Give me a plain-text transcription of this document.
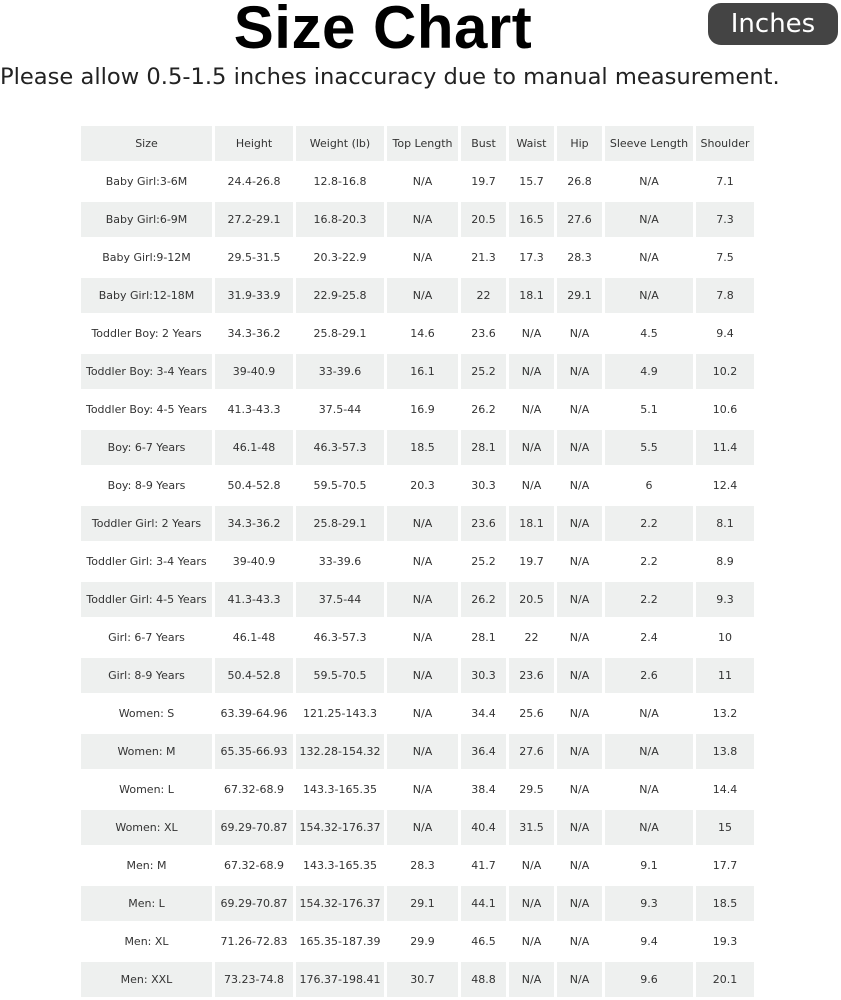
Size Chart	Inches
Please allow 0.5-1.5 inches inaccuracy due to manual measurement.
Size	Height	Weight (lb)	Top Length	Bust	Waist	Hip	Sleeve Length	Shoulder
Baby Girl:3-6M	24.4-26.8	12.8-16.8	N/A	19.7	15.7	26.8	N/A	7.1
Baby Girl:6-9M	27.2-29.1	16.8-20.3	N/A	20.5	16.5	27.6	N/A	7.3
Baby Girl:9-12M	29.5-31.5	20.3-22.9	N/A	21.3	17.3	28.3	N/A	7.5
Baby Girl:12-18M	31.9-33.9	22.9-25.8	N/A	22	18.1	29.1	N/A	7.8
Toddler Boy: 2 Years	34.3-36.2	25.8-29.1	14.6	23.6	N/A	N/A	4.5	9.4
Toddler Boy: 3-4 Years	39-40.9	33-39.6	16.1	25.2	N/A	N/A	4.9	10.2
Toddler Boy: 4-5 Years	41.3-43.3	37.5-44	16.9	26.2	N/A	N/A	5.1	10.6
Boy: 6-7 Years	46.1-48	46.3-57.3	18.5	28.1	N/A	N/A	5.5	11.4
Boy: 8-9 Years	50.4-52.8	59.5-70.5	20.3	30.3	N/A	N/A	6	12.4
Toddler Girl: 2 Years	34.3-36.2	25.8-29.1	N/A	23.6	18.1	N/A	2.2	8.1
Toddler Girl: 3-4 Years	39-40.9	33-39.6	N/A	25.2	19.7	N/A	2.2	8.9
Toddler Girl: 4-5 Years	41.3-43.3	37.5-44	N/A	26.2	20.5	N/A	2.2	9.3
Girl: 6-7 Years	46.1-48	46.3-57.3	N/A	28.1	22	N/A	2.4	10
Girl: 8-9 Years	50.4-52.8	59.5-70.5	N/A	30.3	23.6	N/A	2.6	11
Women: S	63.39-64.96	121.25-143.3	N/A	34.4	25.6	N/A	N/A	13.2
Women: M	65.35-66.93	132.28-154.32	N/A	36.4	27.6	N/A	N/A	13.8
Women: L	67.32-68.9	143.3-165.35	N/A	38.4	29.5	N/A	N/A	14.4
Women: XL	69.29-70.87	154.32-176.37	N/A	40.4	31.5	N/A	N/A	15
Men: M	67.32-68.9	143.3-165.35	28.3	41.7	N/A	N/A	9.1	17.7
Men: L	69.29-70.87	154.32-176.37	29.1	44.1	N/A	N/A	9.3	18.5
Men: XL	71.26-72.83	165.35-187.39	29.9	46.5	N/A	N/A	9.4	19.3
Men: XXL	73.23-74.8	176.37-198.41	30.7	48.8	N/A	N/A	9.6	20.1
